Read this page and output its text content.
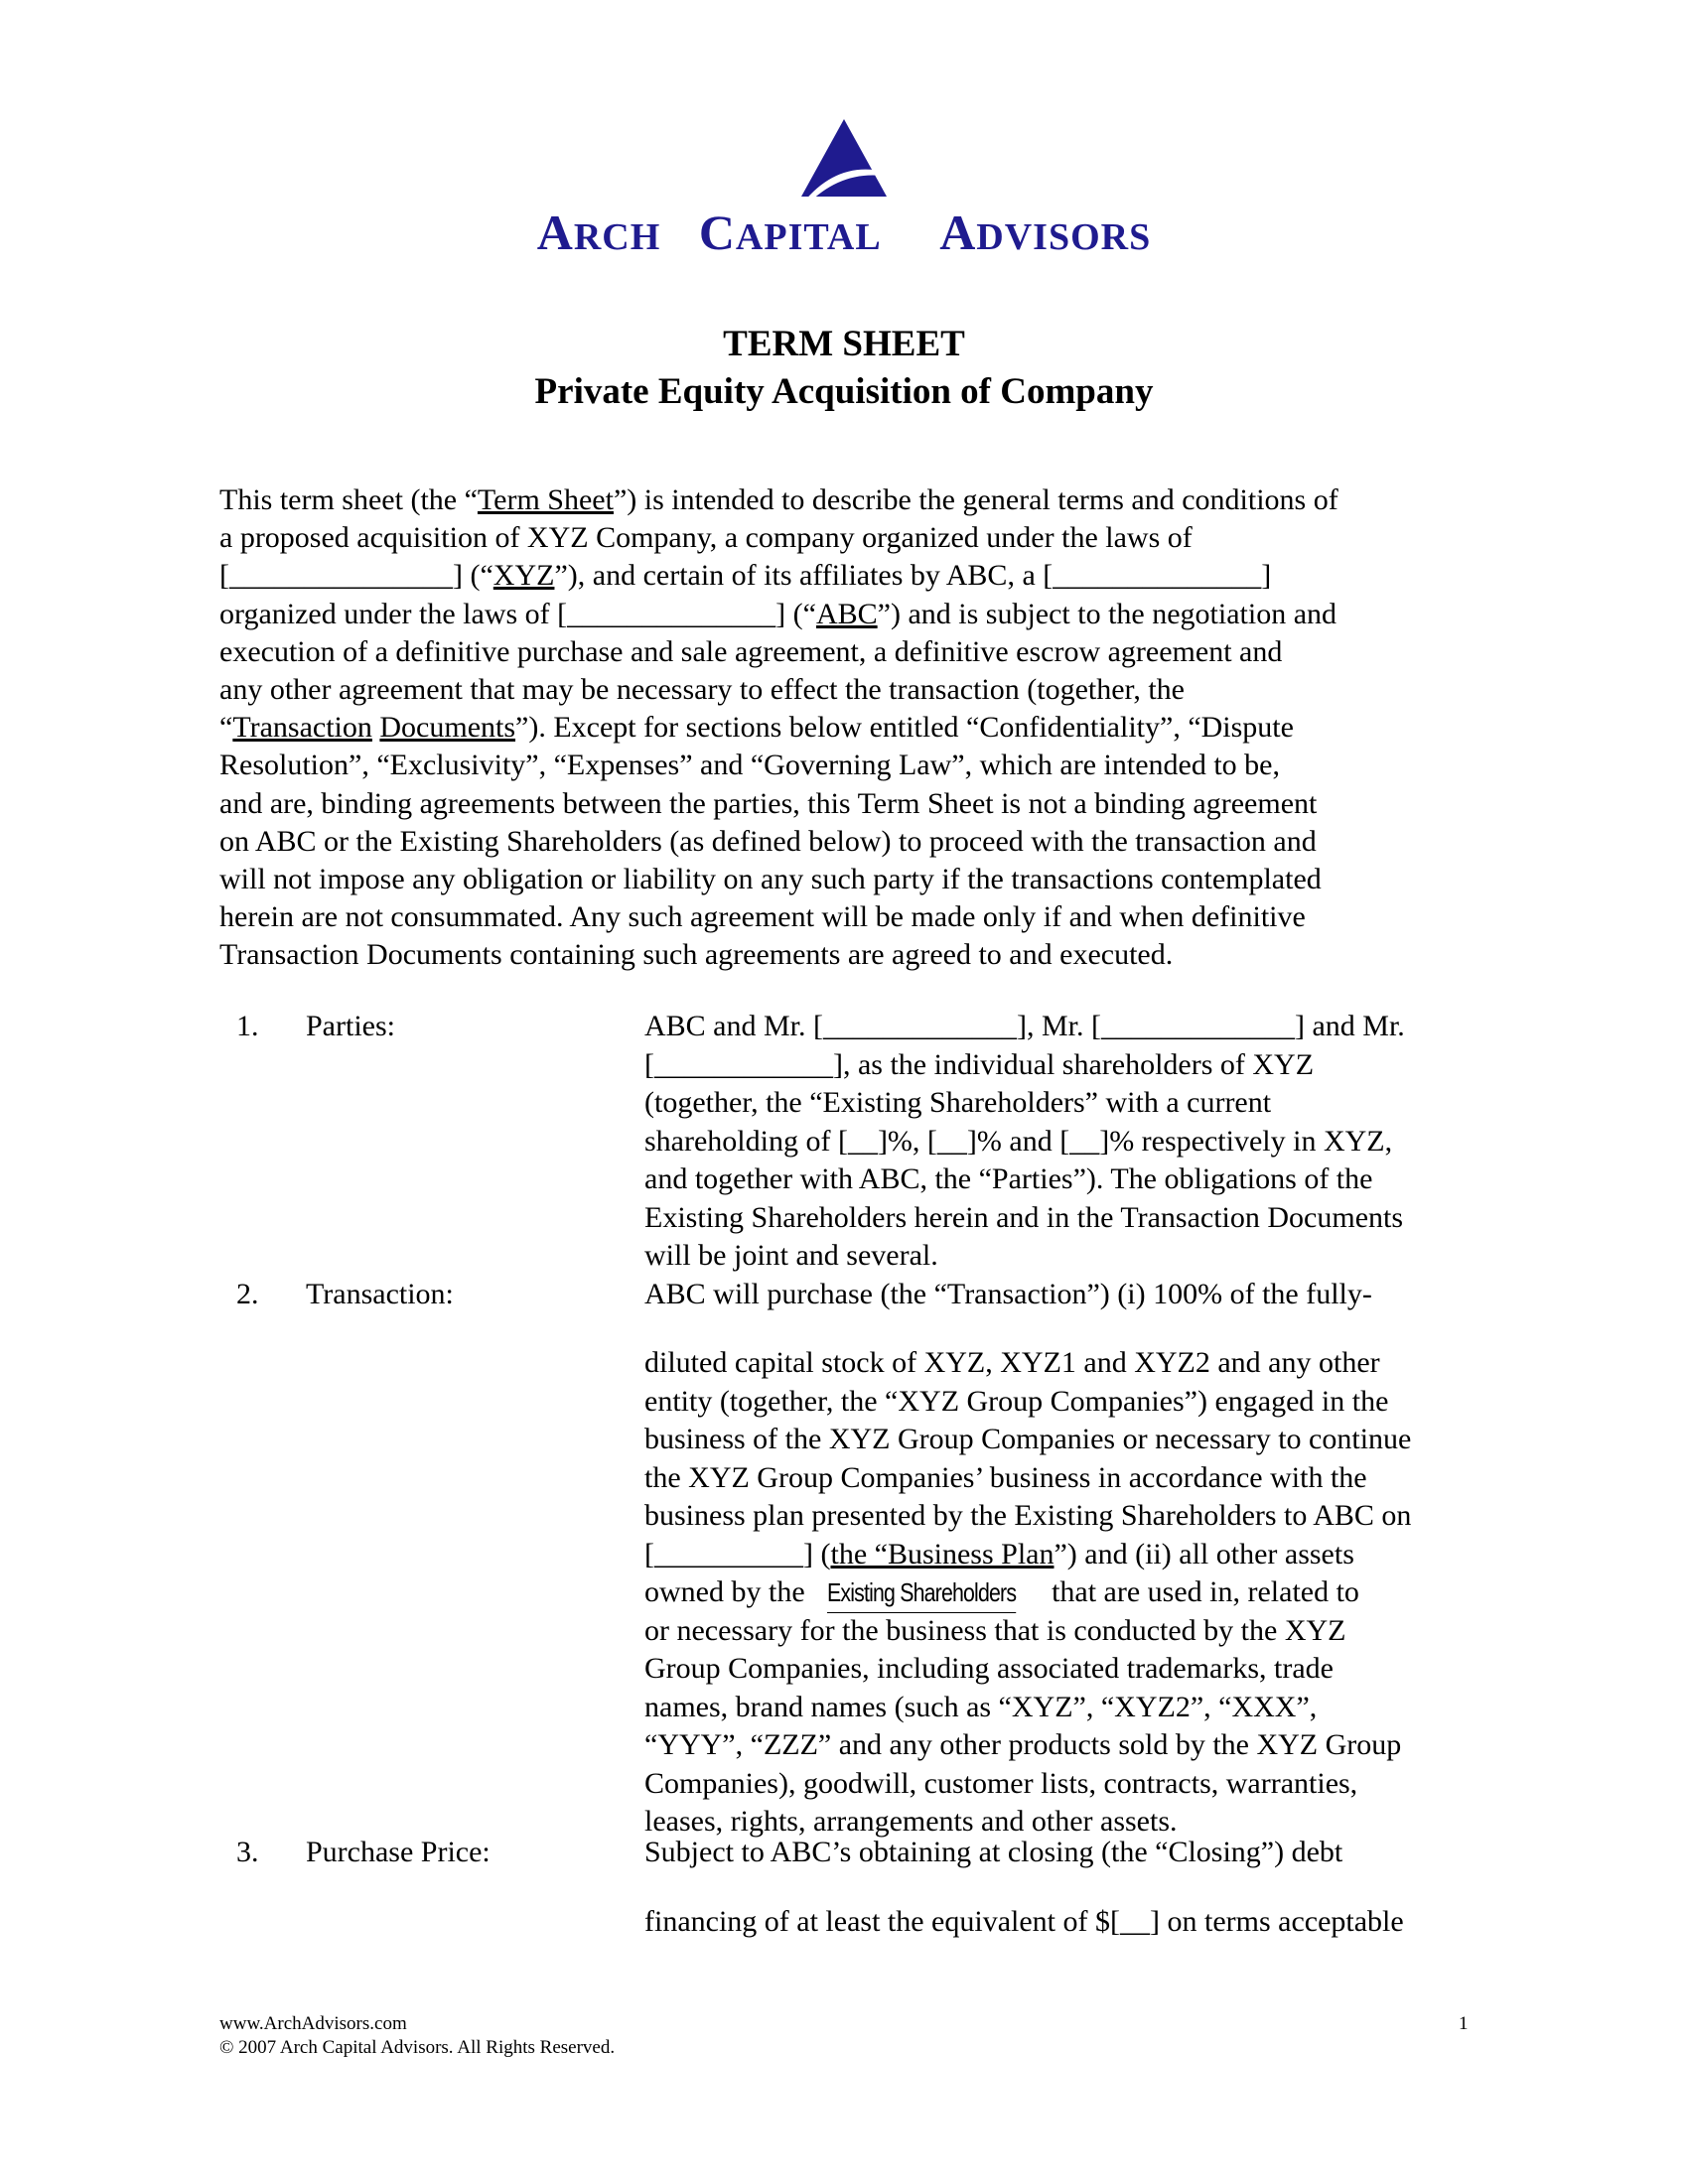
ARCH CAPITAL ADVISORS
TERM SHEET
Private Equity Acquisition of Company
This term sheet (the “Term Sheet”) is intended to describe the general terms and conditions of
a proposed acquisition of XYZ Company, a company organized under the laws of
[_______________] (“XYZ”), and certain of its affiliates by ABC, a [______________]
organized under the laws of [______________] (“ABC”) and is subject to the negotiation and
execution of a definitive purchase and sale agreement, a definitive escrow agreement and
any other agreement that may be necessary to effect the transaction (together, the
“Transaction Documents”). Except for sections below entitled “Confidentiality”, “Dispute
Resolution”, “Exclusivity”, “Expenses” and “Governing Law”, which are intended to be,
and are, binding agreements between the parties, this Term Sheet is not a binding agreement
on ABC or the Existing Shareholders (as defined below) to proceed with the transaction and
will not impose any obligation or liability on any such party if the transactions contemplated
herein are not consummated. Any such agreement will be made only if and when definitive
Transaction Documents containing such agreements are agreed to and executed.
1. Parties:	ABC and Mr. [_____________], Mr. [_____________] and Mr.
[____________], as the individual shareholders of XYZ
(together, the “Existing Shareholders” with a current
shareholding of [__]%, [__]% and [__]% respectively in XYZ,
and together with ABC, the “Parties”). The obligations of the
Existing Shareholders herein and in the Transaction Documents
will be joint and several.
2. Transaction:	ABC will purchase (the “Transaction”) (i) 100% of the fully-
diluted capital stock of XYZ, XYZ1 and XYZ2 and any other
entity (together, the “XYZ Group Companies”) engaged in the
business of the XYZ Group Companies or necessary to continue
the XYZ Group Companies’ business in accordance with the
business plan presented by the Existing Shareholders to ABC on
[__________] (the “Business Plan”) and (ii) all other assets
owned by the Existing Shareholders that are used in, related to
or necessary for the business that is conducted by the XYZ
Group Companies, including associated trademarks, trade
names, brand names (such as “XYZ”, “XYZ2”, “XXX”,
“YYY”, “ZZZ” and any other products sold by the XYZ Group
Companies), goodwill, customer lists, contracts, warranties,
leases, rights, arrangements and other assets.
3. Purchase Price:	Subject to ABC’s obtaining at closing (the “Closing”) debt
financing of at least the equivalent of $[__] on terms acceptable
www.ArchAdvisors.com
© 2007 Arch Capital Advisors. All Rights Reserved.
1
